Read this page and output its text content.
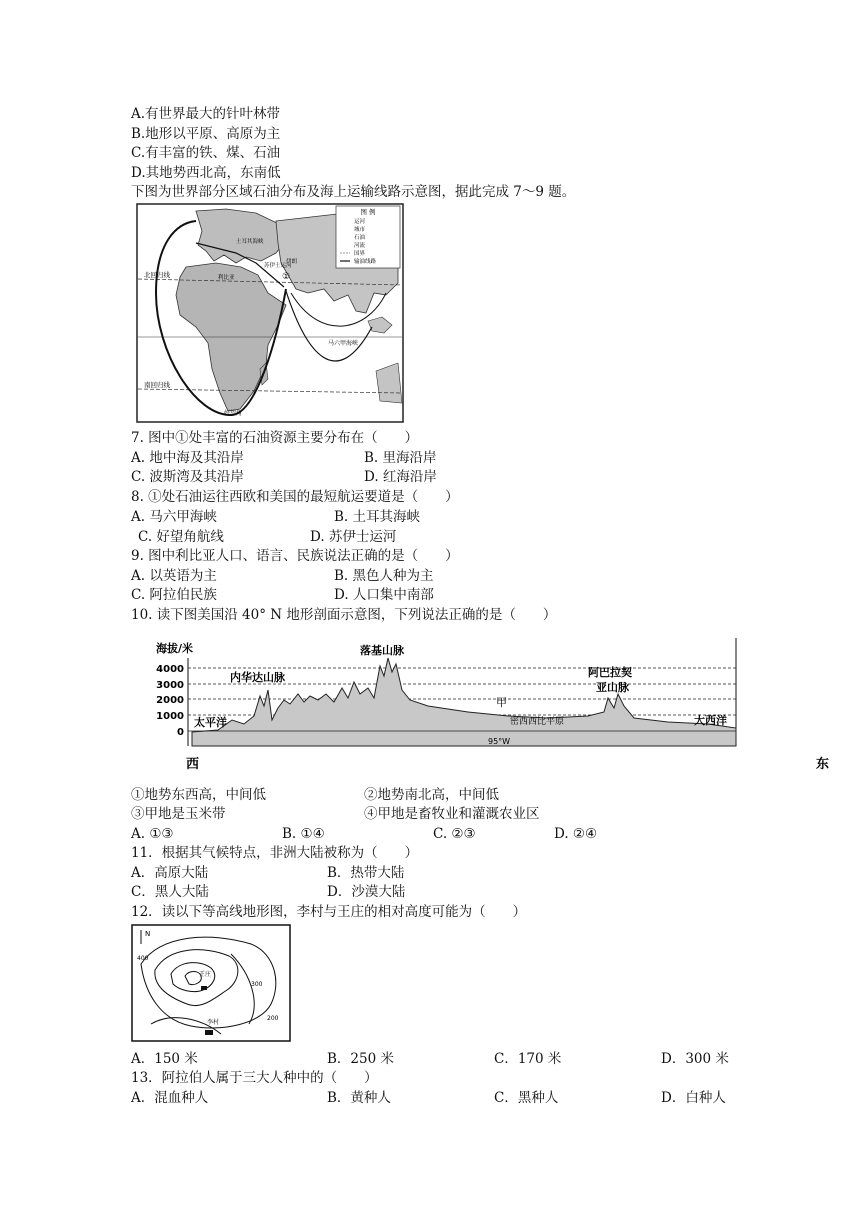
A.有世界最大的针叶林带
B.地形以平原、高原为主
C.有丰富的铁、煤、石油
D.其地势西北高，东南低
下图为世界部分区域石油分布及海上运输线路示意图，据此完成 7～9 题。
图 例
运河
城市
石油
河流
国界
输油线路
北回归线
南回归线
利比亚
土耳其海峡
马六甲海峡
好望角
苏伊士运河
①
伊朗
7. 图中①处丰富的石油资源主要分布在（　　）
A. 地中海及其沿岸	B. 里海沿岸
C. 波斯湾及其沿岸	D. 红海沿岸
8. ①处石油运往西欧和美国的最短航运要道是（　　）
A. 马六甲海峡	B. 土耳其海峡
C. 好望角航线	D. 苏伊士运河
9. 图中利比亚人口、语言、民族说法正确的是（　　）
A. 以英语为主	B. 黑色人种为主
C. 阿拉伯民族	D. 人口集中南部
10. 读下图美国沿 40° N 地形剖面示意图，下列说法正确的是（　　）
海拔/米
4000
3000
2000
1000
0
落基山脉
内华达山脉	阿巴拉契
亚山脉
太平洋	大西洋
甲
密西西比平原
95°W
西	东
①地势东西高，中间低	②地势南北高，中间低
③甲地是玉米带	④甲地是畜牧业和灌溉农业区
A. ①③	B. ①④	C. ②③	D. ②④
11．根据其气候特点，非洲大陆被称为（　　）
A．高原大陆	B．热带大陆
C．黑人大陆	D．沙漠大陆
12．读以下等高线地形图，李村与王庄的相对高度可能为（　　）
N
400
300
王庄
李村
200
A．150 米	B．250 米	C．170 米	D．300 米
13．阿拉伯人属于三大人种中的（　　）
A．混血种人	B．黄种人	C．黑种人	D．白种人
